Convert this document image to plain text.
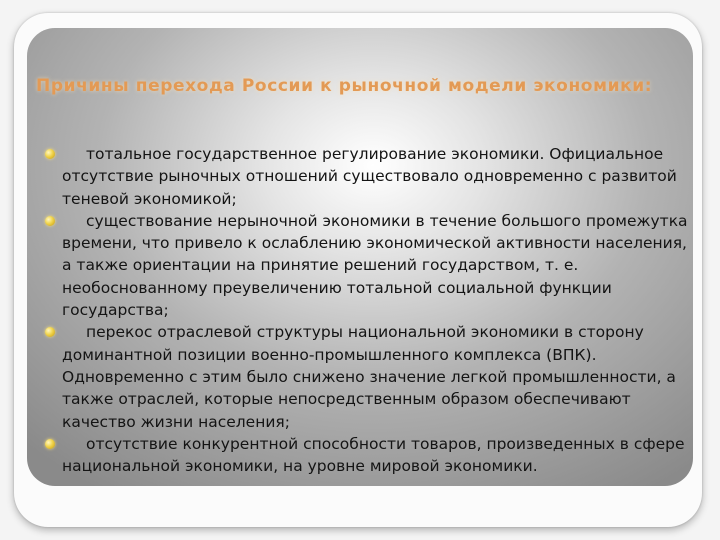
Причины перехода России к рыночной модели экономики:
тотальное государственное регулирование экономики. Официальное отсутствие рыночных отношений существовало одновременно с развитой теневой экономикой;
существование нерыночной экономики в течение большого промежутка времени, что привело к ослаблению экономической активности населения, а также ориентации на принятие решений государством, т. е. необоснованному преувеличению тотальной социальной функции государства;
перекос отраслевой структуры национальной экономики в сторону доминантной позиции военно-промышленного комплекса (ВПК). Одновременно с этим было снижено значение легкой промышленности, а также отраслей, которые непосредственным образом обеспечивают качество жизни населения;
отсутствие конкурентной способности товаров, произведенных в сфере национальной экономики, на уровне мировой экономики.
